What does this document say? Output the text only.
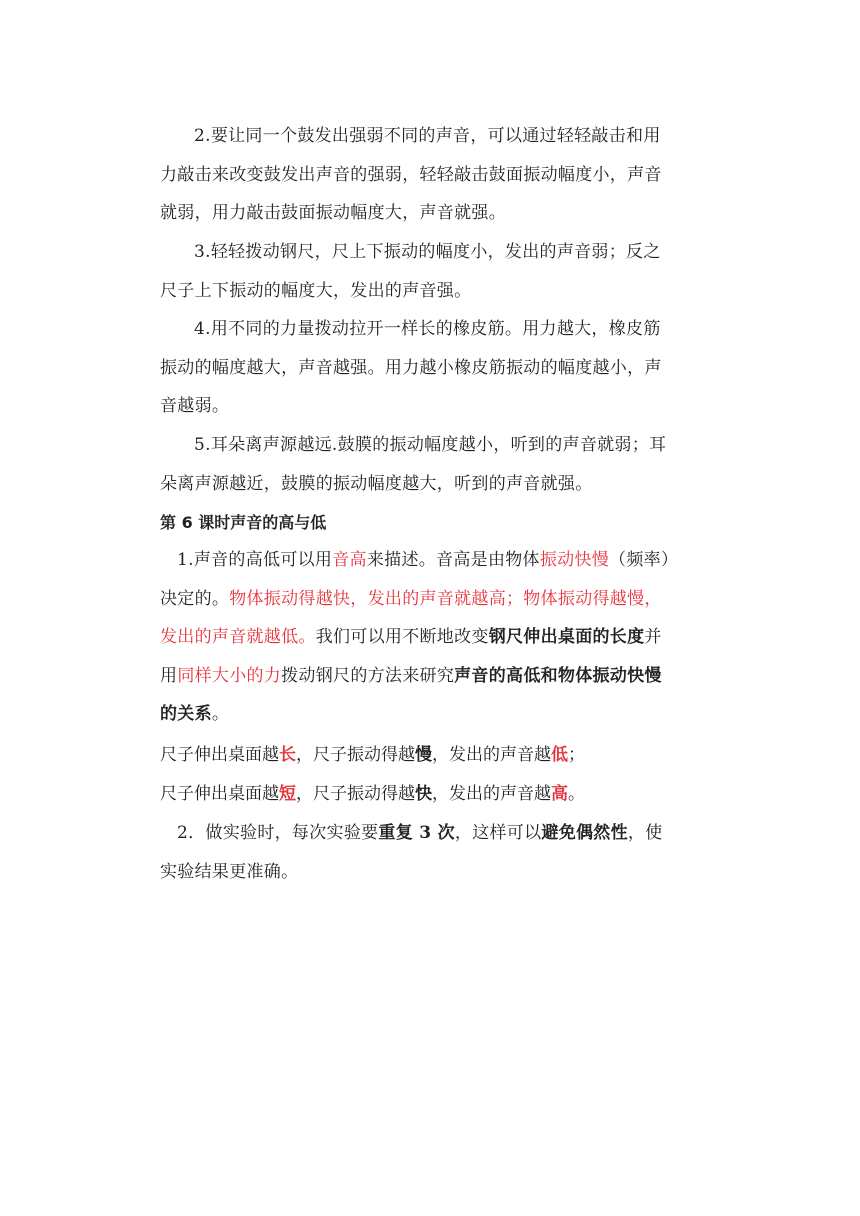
2.要让同一个鼓发出强弱不同的声音，可以通过轻轻敲击和用力敲击来改变鼓发出声音的强弱，轻轻敲击鼓面振动幅度小，声音就弱，用力敲击鼓面振动幅度大，声音就强。

3.轻轻拨动钢尺，尺上下振动的幅度小，发出的声音弱；反之尺子上下振动的幅度大，发出的声音强。

4.用不同的力量拨动拉开一样长的橡皮筋。用力越大，橡皮筋振动的幅度越大，声音越强。用力越小橡皮筋振动的幅度越小，声音越弱。

5.耳朵离声源越远.鼓膜的振动幅度越小，听到的声音就弱；耳朵离声源越近，鼓膜的振动幅度越大，听到的声音就强。

第 6 课时声音的高与低

1.声音的高低可以用音高来描述。音高是由物体振动快慢（频率）决定的。物体振动得越快，发出的声音就越高；物体振动得越慢，发出的声音就越低。我们可以用不断地改变钢尺伸出桌面的长度并用同样大小的力拨动钢尺的方法来研究声音的高低和物体振动快慢的关系。

尺子伸出桌面越长，尺子振动得越慢，发出的声音越低；

尺子伸出桌面越短，尺子振动得越快，发出的声音越高。

2．做实验时，每次实验要重复 3 次，这样可以避免偶然性，使实验结果更准确。
